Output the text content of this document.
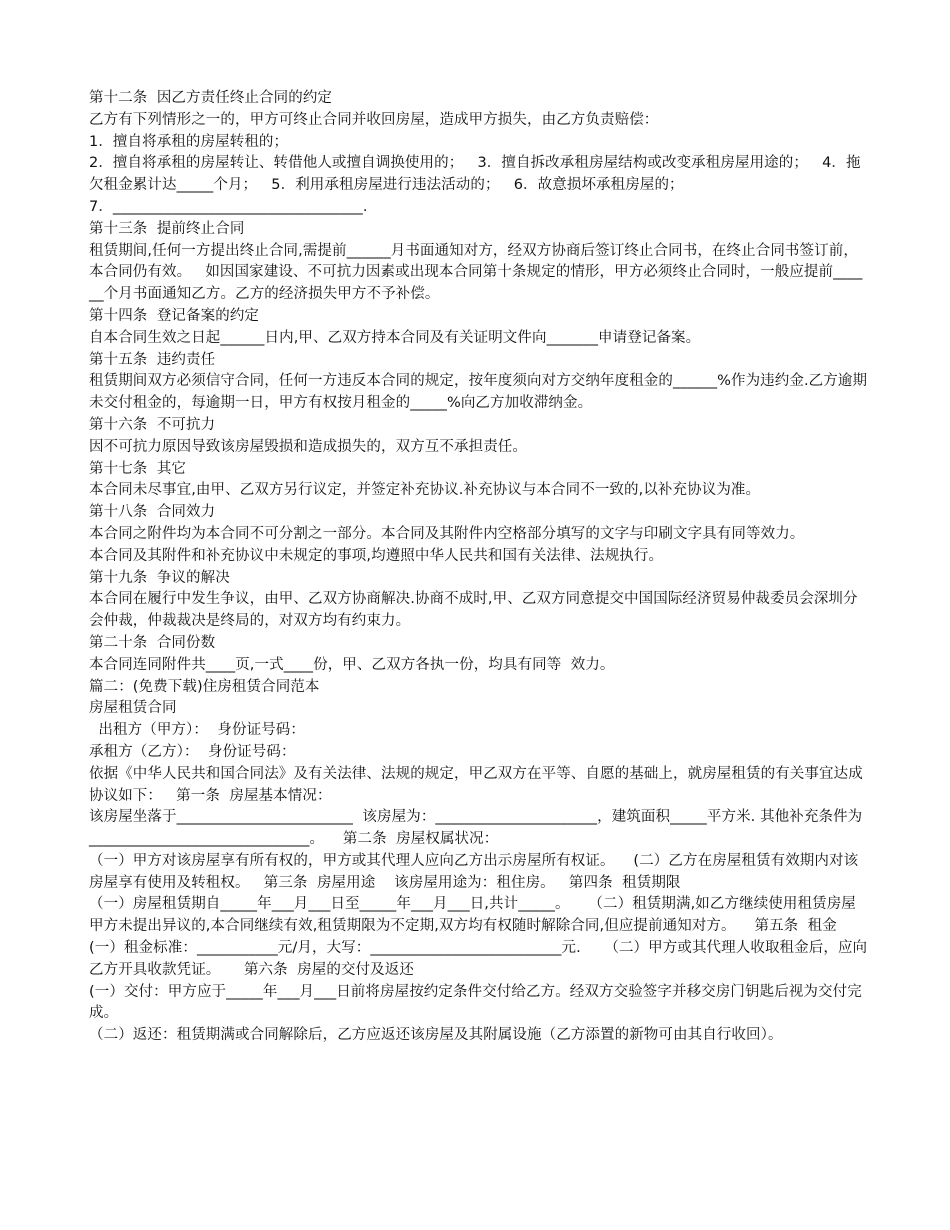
第十二条  因乙方责任终止合同的约定

乙方有下列情形之一的，甲方可终止合同并收回房屋，造成甲方损失，由乙方负责赔偿：

1．擅自将承租的房屋转租的；

2．擅自将承租的房屋转让、转借他人或擅自调换使用的；   3．擅自拆改承租房屋结构或改变承租房屋用途的；   4．拖欠租金累计达_____个月；   5．利用承租房屋进行违法活动的；   6．故意损坏承租房屋的；

7．__________________________________.

第十三条  提前终止合同

租赁期间,任何一方提出终止合同,需提前______月书面通知对方，经双方协商后签订终止合同书，在终止合同书签订前，本合同仍有效。   如因国家建设、不可抗力因素或出现本合同第十条规定的情形，甲方必须终止合同时，一般应提前______个月书面通知乙方。乙方的经济损失甲方不予补偿。

第十四条  登记备案的约定

自本合同生效之日起______日内,甲、乙双方持本合同及有关证明文件向_______申请登记备案。

第十五条  违约责任

租赁期间双方必须信守合同，任何一方违反本合同的规定，按年度须向对方交纳年度租金的______%作为违约金.乙方逾期未交付租金的，每逾期一日，甲方有权按月租金的_____%向乙方加收滞纳金。

第十六条  不可抗力

因不可抗力原因导致该房屋毁损和造成损失的，双方互不承担责任。

第十七条  其它

本合同未尽事宜,由甲、乙双方另行议定，并签定补充协议.补充协议与本合同不一致的,以补充协议为准。

第十八条  合同效力

本合同之附件均为本合同不可分割之一部分。本合同及其附件内空格部分填写的文字与印刷文字具有同等效力。

本合同及其附件和补充协议中未规定的事项,均遵照中华人民共和国有关法律、法规执行。

第十九条  争议的解决

本合同在履行中发生争议，由甲、乙双方协商解决.协商不成时,甲、乙双方同意提交中国国际经济贸易仲裁委员会深圳分会仲裁，仲裁裁决是终局的，对双方均有约束力。

第二十条  合同份数

本合同连同附件共____页,一式____份，甲、乙双方各执一份，均具有同等  效力。

篇二：(免费下载)住房租赁合同范本

房屋租赁合同

出租方（甲方）：  身份证号码：

承租方（乙方）：  身份证号码：

依据《中华人民共和国合同法》及有关法律、法规的规定，甲乙双方在平等、自愿的基础上，就房屋租赁的有关事宜达成协议如下：   第一条  房屋基本情况：

该房屋坐落于________________________  该房屋为：______________________，建筑面积_____平方米. 其他补充条件为______________________________。    第二条  房屋权属状况：

（一）甲方对该房屋享有所有权的，甲方或其代理人应向乙方出示房屋所有权证。    (二）乙方在房屋租赁有效期内对该房屋享有使用及转租权。   第三条  房屋用途    该房屋用途为：租住房。   第四条  租赁期限

（一）房屋租赁期自_____年___月___日至_____年___月___日,共计_____。    （二）租赁期满,如乙方继续使用租赁房屋甲方未提出异议的,本合同继续有效,租赁期限为不定期,双方均有权随时解除合同,但应提前通知对方。    第五条  租金

(一）租金标准：___________元/月，大写：__________________________元.     （二）甲方或其代理人收取租金后，应向乙方开具收款凭证。     第六条  房屋的交付及返还

(一）交付：甲方应于_____年___月___日前将房屋按约定条件交付给乙方。经双方交验签字并移交房门钥匙后视为交付完成。

（二）返还：租赁期满或合同解除后，乙方应返还该房屋及其附属设施（乙方添置的新物可由其自行收回）。
